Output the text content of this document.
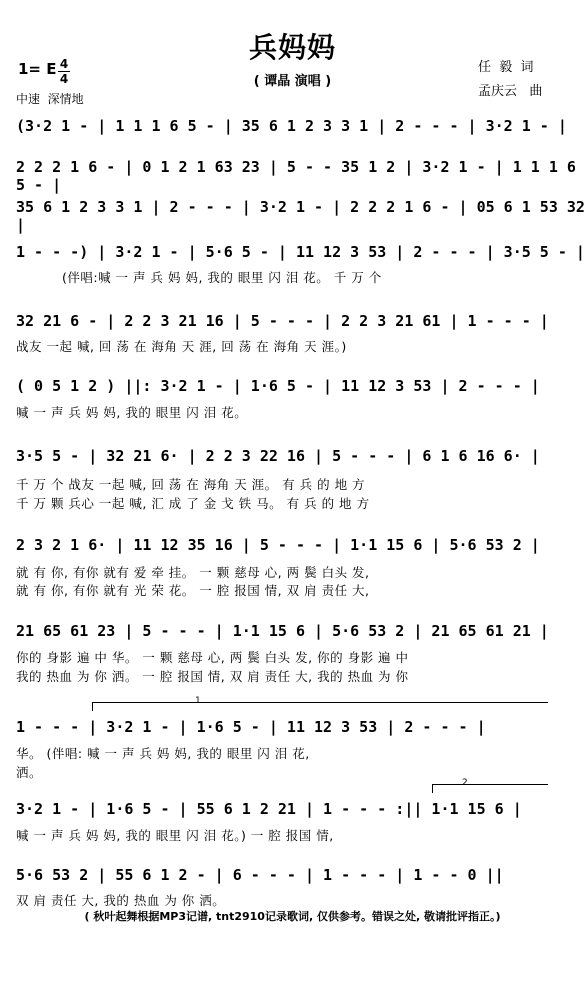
兵妈妈
( 谭晶 演唱 )
1= E 4
4
中速  深情地
任  毅  词
孟庆云   曲
(3·2 1 - | 1 1 1 6 5 - | 35 6 1 2 3 3 1 | 2 - - - | 3·2 1 - |
2 2 2 1 6 - | 0 1 2 1 63 23 | 5 - - 35 1 2 | 3·2 1 - | 1 1 1 6 5 - |
35 6 1 2 3 3 1 | 2 - - - | 3·2 1 - | 2 2 2 1 6 - | 05 6 1 53 32 |
1 - - -) | 3·2 1 - | 5·6 5 - | 11 12 3 53 | 2 - - - | 3·5 5 - |
(伴唱:喊 一 声 兵 妈 妈, 我的 眼里 闪 泪 花。 千 万 个
32 21 6 - | 2 2 3 21 16 | 5 - - - | 2 2 3 21 61 | 1 - - - |
战友 一起 喊, 回 荡 在 海角 天 涯, 回 荡 在 海角 天 涯。)
( 0 5 1 2 ) ||: 3·2 1 - | 1·6 5 - | 11 12 3 53 | 2 - - - |
喊 一 声 兵 妈 妈, 我的 眼里 闪 泪 花。
3·5 5 - | 32 21 6· | 2 2 3 22 16 | 5 - - - | 6 1 6 16 6· |
千 万 个 战友 一起 喊, 回 荡 在 海角 天 涯。 有 兵 的 地 方
千 万 颗 兵心 一起 喊, 汇 成 了 金 戈 铁 马。 有 兵 的 地 方
2 3 2 1 6· | 11 12 35 16 | 5 - - - | 1·1 15 6 | 5·6 53 2 |
就 有 你, 有你 就有 爱 牵 挂。 一 颗 慈母 心, 两 鬓 白头 发,
就 有 你, 有你 就有 光 荣 花。 一 腔 报国 情, 双 肩 责任 大,
21 65 61 23 | 5 - - - | 1·1 15 6 | 5·6 53 2 | 21 65 61 21 |
你的 身影 遍 中 华。 一 颗 慈母 心, 两 鬓 白头 发, 你的 身影 遍 中
我的 热血 为 你 洒。 一 腔 报国 情, 双 肩 责任 大, 我的 热血 为 你
1
1 - - - | 3·2 1 - | 1·6 5 - | 11 12 3 53 | 2 - - - |
华。 (伴唱: 喊 一 声 兵 妈 妈, 我的 眼里 闪 泪 花,
洒。
2
3·2 1 - | 1·6 5 - | 55 6 1 2 21 | 1 - - - :|| 1·1 15 6 |
喊 一 声 兵 妈 妈, 我的 眼里 闪 泪 花。) 一 腔 报国 情,
5·6 53 2 | 55 6 1 2 - | 6 - - - | 1 - - - | 1 - - 0 ||
双 肩 责任 大, 我的 热血 为 你 洒。
( 秋叶起舞根据MP3记谱, tnt2910记录歌词, 仅供参考。错误之处, 敬请批评指正。)
